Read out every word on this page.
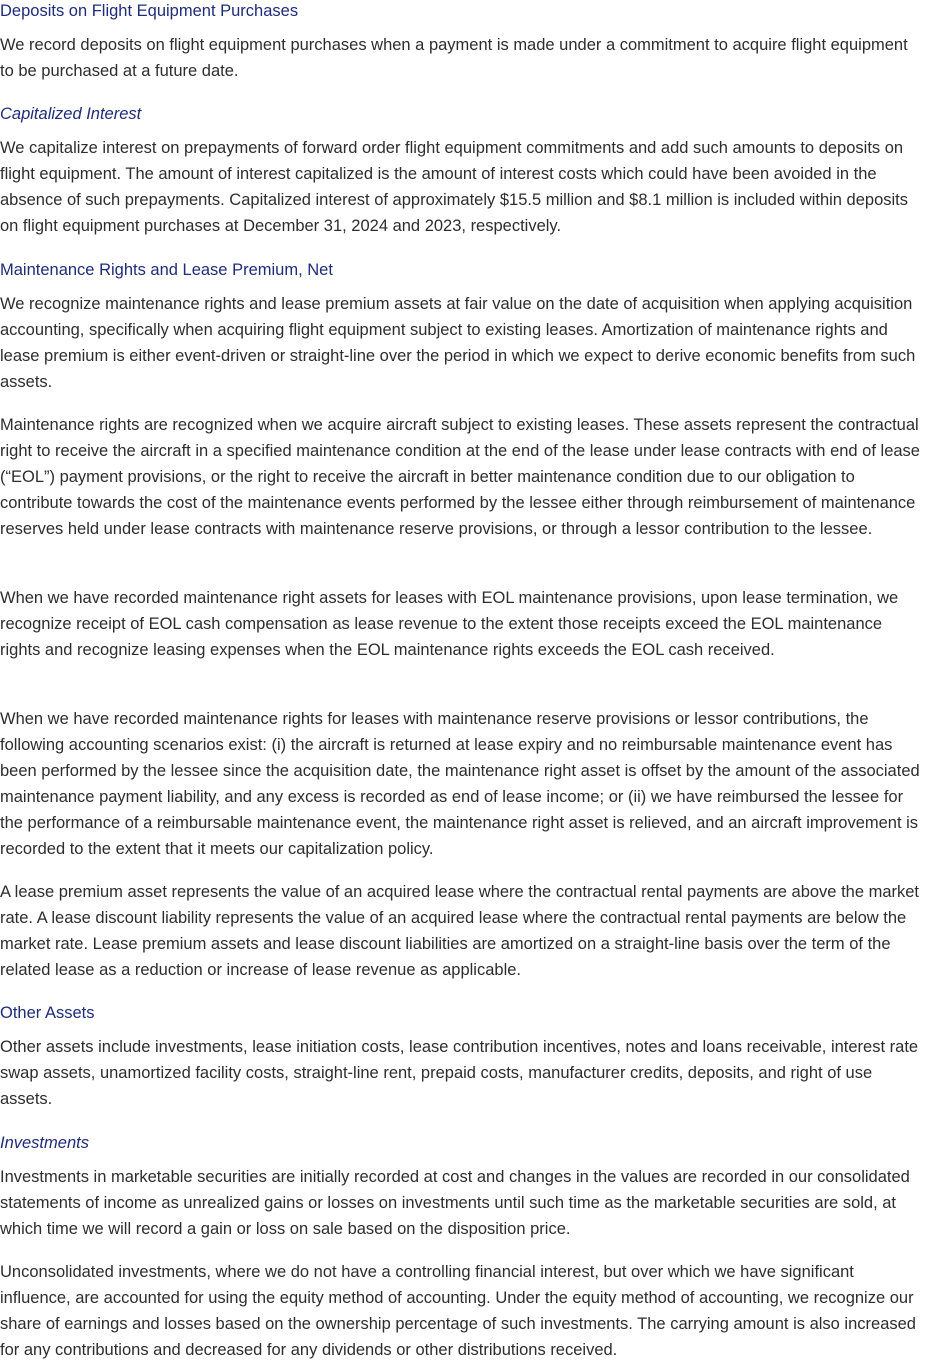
Deposits on Flight Equipment Purchases

We record deposits on flight equipment purchases when a payment is made under a commitment to acquire flight equipment to be purchased at a future date.

Capitalized Interest

We capitalize interest on prepayments of forward order flight equipment commitments and add such amounts to deposits on flight equipment. The amount of interest capitalized is the amount of interest costs which could have been avoided in the absence of such prepayments. Capitalized interest of approximately $15.5 million and $8.1 million is included within deposits on flight equipment purchases at December 31, 2024 and 2023, respectively.

Maintenance Rights and Lease Premium, Net

We recognize maintenance rights and lease premium assets at fair value on the date of acquisition when applying acquisition accounting, specifically when acquiring flight equipment subject to existing leases. Amortization of maintenance rights and lease premium is either event-driven or straight-line over the period in which we expect to derive economic benefits from such assets.

Maintenance rights are recognized when we acquire aircraft subject to existing leases. These assets represent the contractual right to receive the aircraft in a specified maintenance condition at the end of the lease under lease contracts with end of lease (“EOL”) payment provisions, or the right to receive the aircraft in better maintenance condition due to our obligation to contribute towards the cost of the maintenance events performed by the lessee either through reimbursement of maintenance reserves held under lease contracts with maintenance reserve provisions, or through a lessor contribution to the lessee.

When we have recorded maintenance right assets for leases with EOL maintenance provisions, upon lease termination, we recognize receipt of EOL cash compensation as lease revenue to the extent those receipts exceed the EOL maintenance rights and recognize leasing expenses when the EOL maintenance rights exceeds the EOL cash received.

When we have recorded maintenance rights for leases with maintenance reserve provisions or lessor contributions, the following accounting scenarios exist: (i) the aircraft is returned at lease expiry and no reimbursable maintenance event has been performed by the lessee since the acquisition date, the maintenance right asset is offset by the amount of the associated maintenance payment liability, and any excess is recorded as end of lease income; or (ii) we have reimbursed the lessee for the performance of a reimbursable maintenance event, the maintenance right asset is relieved, and an aircraft improvement is recorded to the extent that it meets our capitalization policy.

A lease premium asset represents the value of an acquired lease where the contractual rental payments are above the market rate. A lease discount liability represents the value of an acquired lease where the contractual rental payments are below the market rate. Lease premium assets and lease discount liabilities are amortized on a straight-line basis over the term of the related lease as a reduction or increase of lease revenue as applicable.

Other Assets

Other assets include investments, lease initiation costs, lease contribution incentives, notes and loans receivable, interest rate swap assets, unamortized facility costs, straight-line rent, prepaid costs, manufacturer credits, deposits, and right of use assets.

Investments

Investments in marketable securities are initially recorded at cost and changes in the values are recorded in our consolidated statements of income as unrealized gains or losses on investments until such time as the marketable securities are sold, at which time we will record a gain or loss on sale based on the disposition price.

Unconsolidated investments, where we do not have a controlling financial interest, but over which we have significant influence, are accounted for using the equity method of accounting. Under the equity method of accounting, we recognize our share of earnings and losses based on the ownership percentage of such investments. The carrying amount is also increased for any contributions and decreased for any dividends or other distributions received.
